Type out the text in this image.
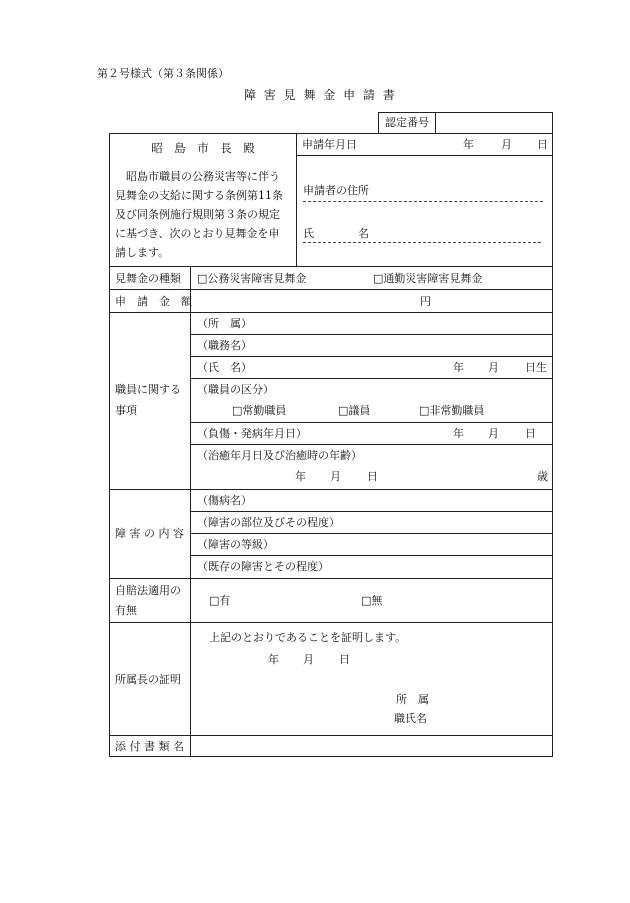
第２号様式（第３条関係）
障 害 見 舞 金 申 請 書
認定番号
昭　島　市　長　殿
昭島市職員の公務災害等に伴う
見舞金の支給に関する条例第11条
及び同条例施行規則第３条の規定
に基づき、次のとおり見舞金を申
請します。
申請年月日	年 月 日
申請者の住所
氏　　　　名
見舞金の種類 □公務災害障害見舞金	□通勤災害障害見舞金
申　請　金　額	円
職員に関する
事項
（所　属）
（職務名）
（氏　名）	年 月 日生
（職員の区分）
□常勤職員	□議員	□非常勤職員
（負傷・発病年月日）	年 月 日
（治癒年月日及び治癒時の年齢）
年 月 日	歳
障 害 の 内 容
（傷病名）
（障害の部位及びその程度）
（障害の等級）
（既存の障害とその程度）
自賠法適用の
有無
□有	□無
所属長の証明
上記のとおりであることを証明します。
年 月 日
所　属
職氏名
添 付 書 類 名
